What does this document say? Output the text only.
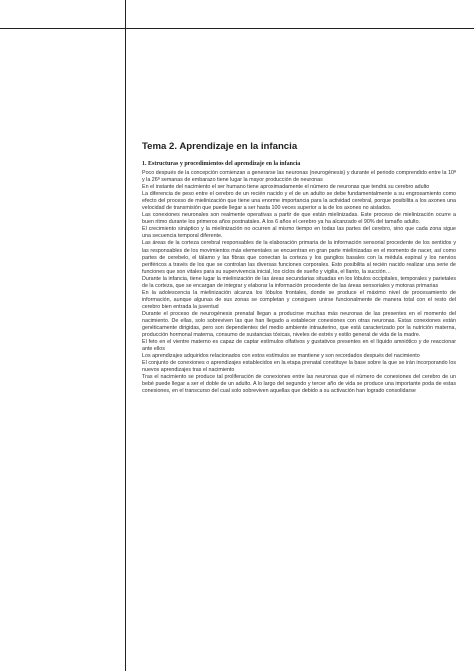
Tema 2. Aprendizaje en la infancia
1. Estructuras y procedimientos del aprendizaje en la infancia

Poco después de la concepción comienzan a generarse las neuronas (neurogénesis) y durante el periodo comprendido entre la 10ª y la 26ª semanas de embarazo tiene lugar la mayor producción de neuronas

En el instante del nacimiento el ser humano tiene aproximadamente el número de neuronas que tendrá su cerebro adulto

La diferencia de peso entre el cerebro de un recién nacido y el de un adulto se debe fundamentalmente a su engrosamiento como efecto del proceso de mielinización que tiene una enorme importancia para la actividad cerebral, porque posibilita a los axones una velocidad de transmisión que puede llegar a ser hasta 100 veces superior a la de los axones no aislados.

Las conexiones neuronales son realmente operativas a partir de que están mielinizadas. Este proceso de mielinización ocurre a buen ritmo durante los primeros años postnatales. A los 6 años el cerebro ya ha alcanzado el 90% del tamaño adulto.

El crecimiento sináptico y la mielinización no ocurren al mismo tiempo en todas las partes del cerebro, sino que cada zona sigue una secuencia temporal diferente.

Las áreas de la corteza cerebral responsables de la elaboración primaria de la información sensorial procedente de los sentidos y las responsables de los movimientos más elementales se encuentran en gran parte mielinizadas en el momento de nacer, así como partes de cerebelo, el tálamo y las fibras que conectan la corteza y los ganglios basales con la médula espinal y los nervios periféricos a través de los que se controlan las diversas funciones corporales. Esto posibilita al recién nacido realizar una serie de funciones que son vitales para su supervivencia inicial, los ciclos de sueño y vigilia, el llanto, la succión…

Durante la infancia, tiene lugar la mielinización de las áreas secundarias situadas en los lóbulos occipitales, temporales y parietales de la corteza, que se encargan de integrar y elaborar la información procedente de las áreas sensoriales y motoras primarias

En la adolescencia la mielinización alcanza los lóbulos frontales, donde se produce el máximo nivel de procesamiento de información, aunque algunas de sus zonas se completan y consiguen unirse funcionalmente de manera total con el resto del cerebro bien entrada la juventud

Durante el proceso de neurogénesis prenatal llegan a producirse muchas más neuronas de las presentes en el momento del nacimiento. De ellas, solo sobreviven las que han llegado a establecer conexiones con otras neuronas. Estas conexiones están genéticamente dirigidas, pero son dependientes del medio ambiente intrauterino, que está caracterizado por la nutrición materna, producción hormonal materna, consumo de sustancias tóxicas, niveles de estrés y estilo general de vida de la madre.

El feto en el vientre materno es capaz de captar estímulos olfativos y gustativos presentes en el líquido amniótico y de reaccionar ante ellos

Los aprendizajes adquiridos relacionados con estos estímulos se mantiene y son recordados después del nacimiento

El conjunto de conexiones o aprendizajes establecidos en la etapa prenatal constituye la base sobre la que se irán incorporando los nuevos aprendizajes tras el nacimiento

Tras el nacimiento se produce tal proliferación de conexiones entre las neuronas que el número de conexiones del cerebro de un bebé puede llegar a ser el doble de un adulto. A lo largo del segundo y tercer año de vida se produce una importante poda de estas conexiones, en el transcurso del cual solo sobreviven aquellas que debido a su activación han logrado consolidarse
